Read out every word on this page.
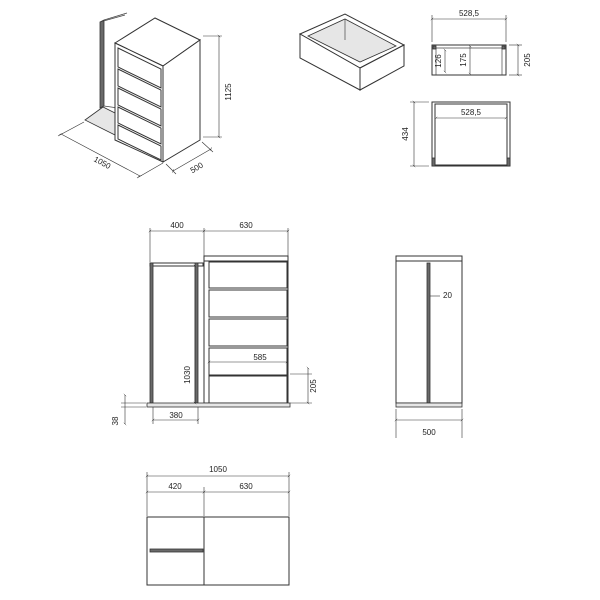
1125
1050	500
528,5
126 175	205
528,5
434
400	630
1030
585
205
38
380
20
500
1050
420	630
